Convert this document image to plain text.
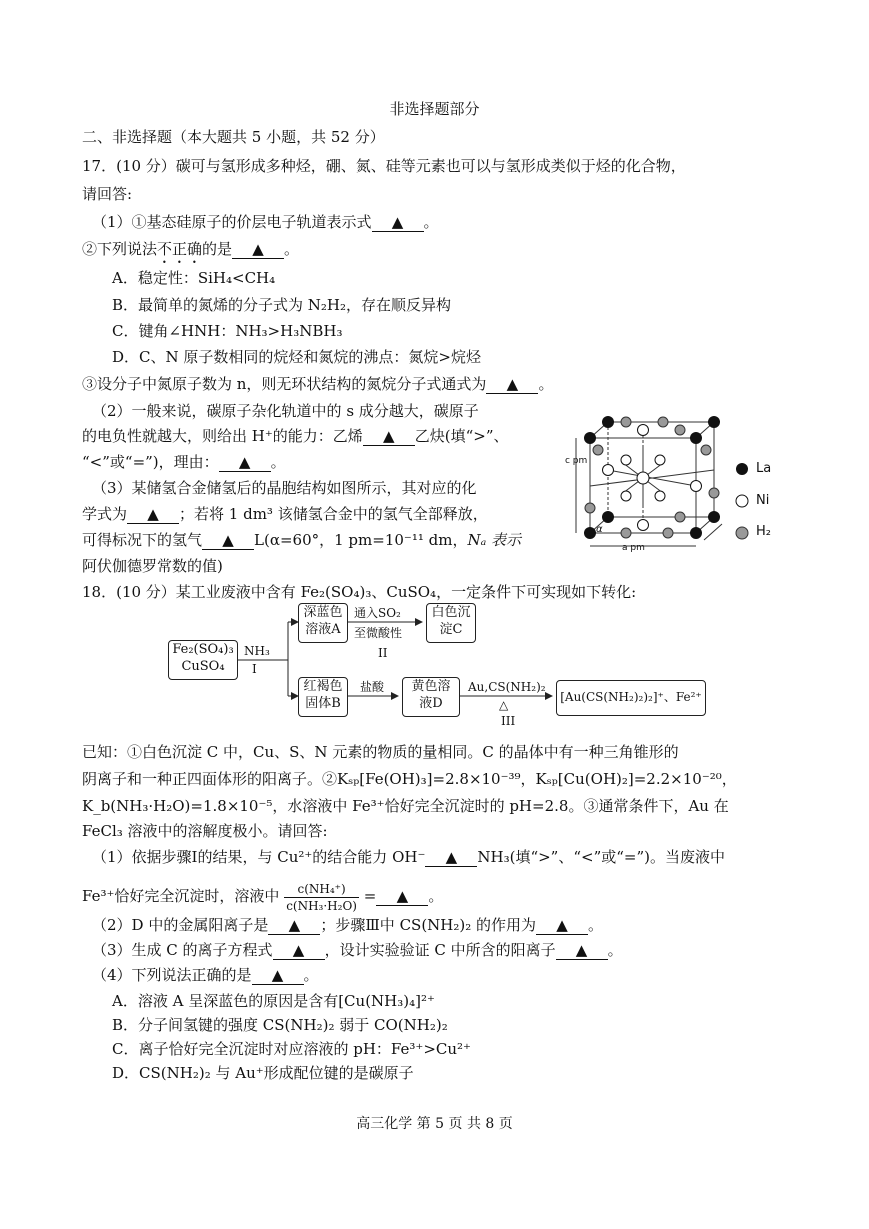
非选择题部分
二、非选择题（本大题共 5 小题，共 52 分）
17．(10 分）碳可与氢形成多种烃，硼、氮、硅等元素也可以与氢形成类似于烃的化合物，
请回答:
（1）①基态硅原子的价层电子轨道表示式 ▲ 。
②下列说法不正确的是 ▲ 。
A．稳定性：SiH₄<CH₄
B．最简单的氮烯的分子式为 N₂H₂，存在顺反异构
C．键角∠HNH：NH₃>H₃NBH₃
D．C、N 原子数相同的烷烃和氮烷的沸点：氮烷>烷烃
③设分子中氮原子数为 n，则无环状结构的氮烷分子式通式为 ▲ 。
（2）一般来说，碳原子杂化轨道中的 s 成分越大，碳原子
的电负性就越大，则给出 H⁺的能力：乙烯 ▲ 乙炔(填“>”、
“<”或“=”)，理由： ▲ 。
（3）某储氢合金储氢后的晶胞结构如图所示，其对应的化
学式为 ▲ ；若将 1 dm³ 该储氢合金中的氢气全部释放，
可得标况下的氢气 ▲ L(α=60°，1 pm=10⁻¹¹ dm，Nₐ 表示
阿伏伽德罗常数的值)
c pm
a pm
α
La
Ni
H₂
18．(10 分）某工业废液中含有 Fe₂(SO₄)₃、CuSO₄，一定条件下可实现如下转化:
Fe₂(SO₄)₃
CuSO₄
NH₃
I
深蓝色
溶液A
通入SO₂
至微酸性
II
白色沉
淀C
红褐色
固体B
盐酸	黄色溶
液D
Au,CS(NH₂)₂
△
III
[Au(CS(NH₂)₂)₂]⁺、Fe²⁺
已知：①白色沉淀 C 中，Cu、S、N 元素的物质的量相同。C 的晶体中有一种三角锥形的
阴离子和一种正四面体形的阳离子。②Kₛₚ[Fe(OH)₃]=2.8×10⁻³⁹，Kₛₚ[Cu(OH)₂]=2.2×10⁻²⁰，
K_b(NH₃·H₂O)=1.8×10⁻⁵，水溶液中 Fe³⁺恰好完全沉淀时的 pH=2.8。③通常条件下，Au 在
FeCl₃ 溶液中的溶解度极小。请回答:
（1）依据步骤Ⅰ的结果，与 Cu²⁺的结合能力 OH⁻ ▲ NH₃(填“>”、“<”或“=”)。当废液中
Fe³⁺恰好完全沉淀时，溶液中 $\frac{\text{c(NH₄⁺)}}{\text{c(NH₃·H₂O)}}$ = ▲ 。
（2）D 中的金属阳离子是 ▲ ；步骤Ⅲ中 CS(NH₂)₂ 的作用为 ▲ 。
（3）生成 C 的离子方程式 ▲ ，设计实验验证 C 中所含的阳离子 ▲ 。
（4）下列说法正确的是 ▲ 。
A．溶液 A 呈深蓝色的原因是含有[Cu(NH₃)₄]²⁺
B．分子间氢键的强度 CS(NH₂)₂ 弱于 CO(NH₂)₂
C．离子恰好完全沉淀时对应溶液的 pH：Fe³⁺>Cu²⁺
D．CS(NH₂)₂ 与 Au⁺形成配位键的是碳原子
高三化学 第 5 页 共 8 页
